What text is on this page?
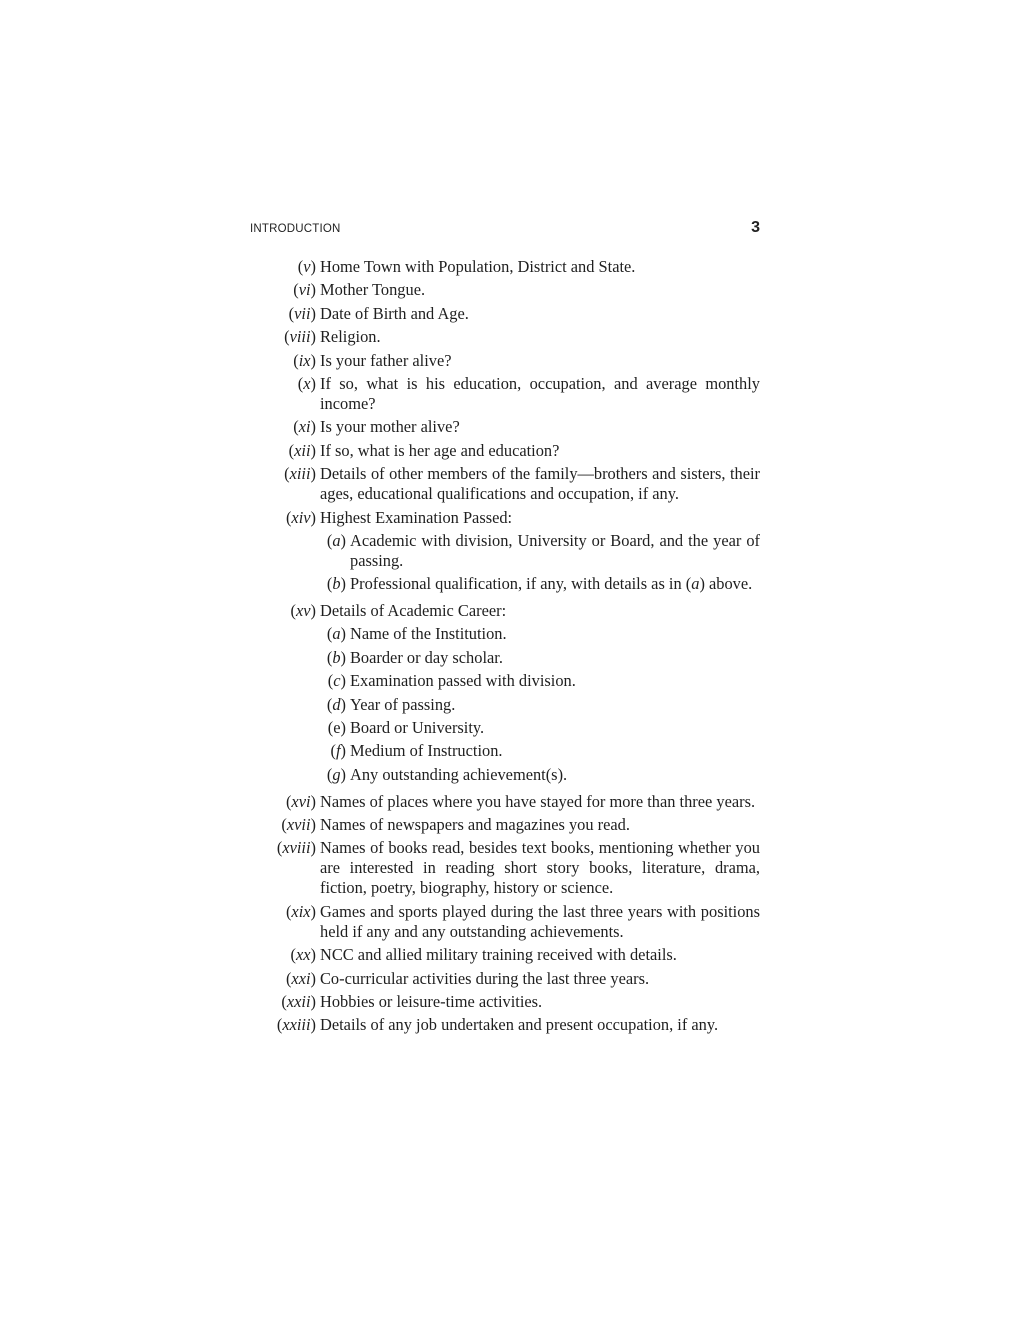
INTRODUCTION	3
(v) Home Town with Population, District and State.
(vi) Mother Tongue.
(vii) Date of Birth and Age.
(viii) Religion.
(ix) Is your father alive?
(x) If so, what is his education, occupation, and average monthly income?
(xi) Is your mother alive?
(xii) If so, what is her age and education?
(xiii) Details of other members of the family—brothers and sisters, their ages, educational qualifications and occupation, if any.
(xiv) Highest Examination Passed:
(a) Academic with division, University or Board, and the year of passing.
(b) Professional qualification, if any, with details as in (a) above.
(xv) Details of Academic Career:
(a) Name of the Institution.
(b) Boarder or day scholar.
(c) Examination passed with division.
(d) Year of passing.
(e) Board or University.
(f) Medium of Instruction.
(g) Any outstanding achievement(s).
(xvi) Names of places where you have stayed for more than three years.
(xvii) Names of newspapers and magazines you read.
(xviii) Names of books read, besides text books, mentioning whether you are interested in reading short story books, literature, drama, fiction, poetry, biography, history or science.
(xix) Games and sports played during the last three years with positions held if any and any outstanding achievements.
(xx) NCC and allied military training received with details.
(xxi) Co-curricular activities during the last three years.
(xxii) Hobbies or leisure-time activities.
(xxiii) Details of any job undertaken and present occupation, if any.
